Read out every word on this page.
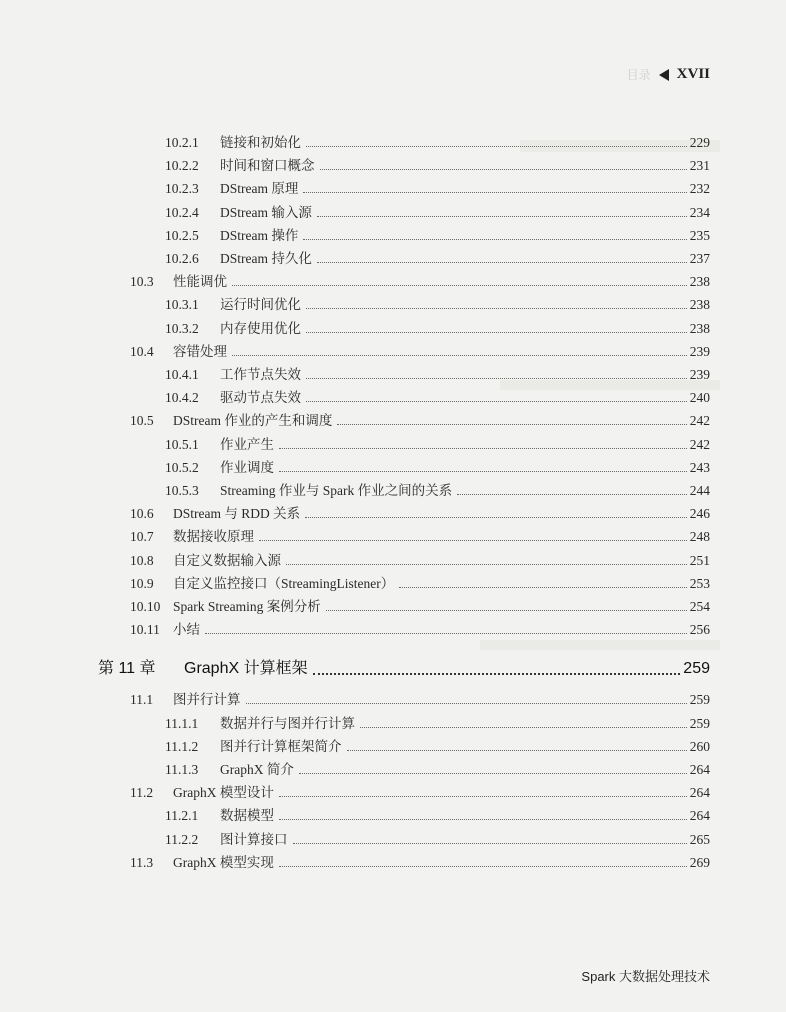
目录 XVII
10.2.1	链接和初始化	229
10.2.2	时间和窗口概念	231
10.2.3	DStream 原理	232
10.2.4	DStream 输入源	234
10.2.5	DStream 操作	235
10.2.6	DStream 持久化	237
10.3	性能调优	238
10.3.1	运行时间优化	238
10.3.2	内存使用优化	238
10.4	容错处理	239
10.4.1	工作节点失效	239
10.4.2	驱动节点失效	240
10.5	DStream 作业的产生和调度	242
10.5.1	作业产生	242
10.5.2	作业调度	243
10.5.3	Streaming 作业与 Spark 作业之间的关系	244
10.6	DStream 与 RDD 关系	246
10.7	数据接收原理	248
10.8	自定义数据输入源	251
10.9	自定义监控接口（StreamingListener）	253
10.10 Spark Streaming 案例分析	254
10.11 小结	256
第 11 章	GraphX 计算框架	259
11.1	图并行计算	259
11.1.1	数据并行与图并行计算	259
11.1.2	图并行计算框架简介	260
11.1.3	GraphX 简介	264
11.2	GraphX 模型设计	264
11.2.1	数据模型	264
11.2.2	图计算接口	265
11.3	GraphX 模型实现	269
Spark 大数据处理技术
